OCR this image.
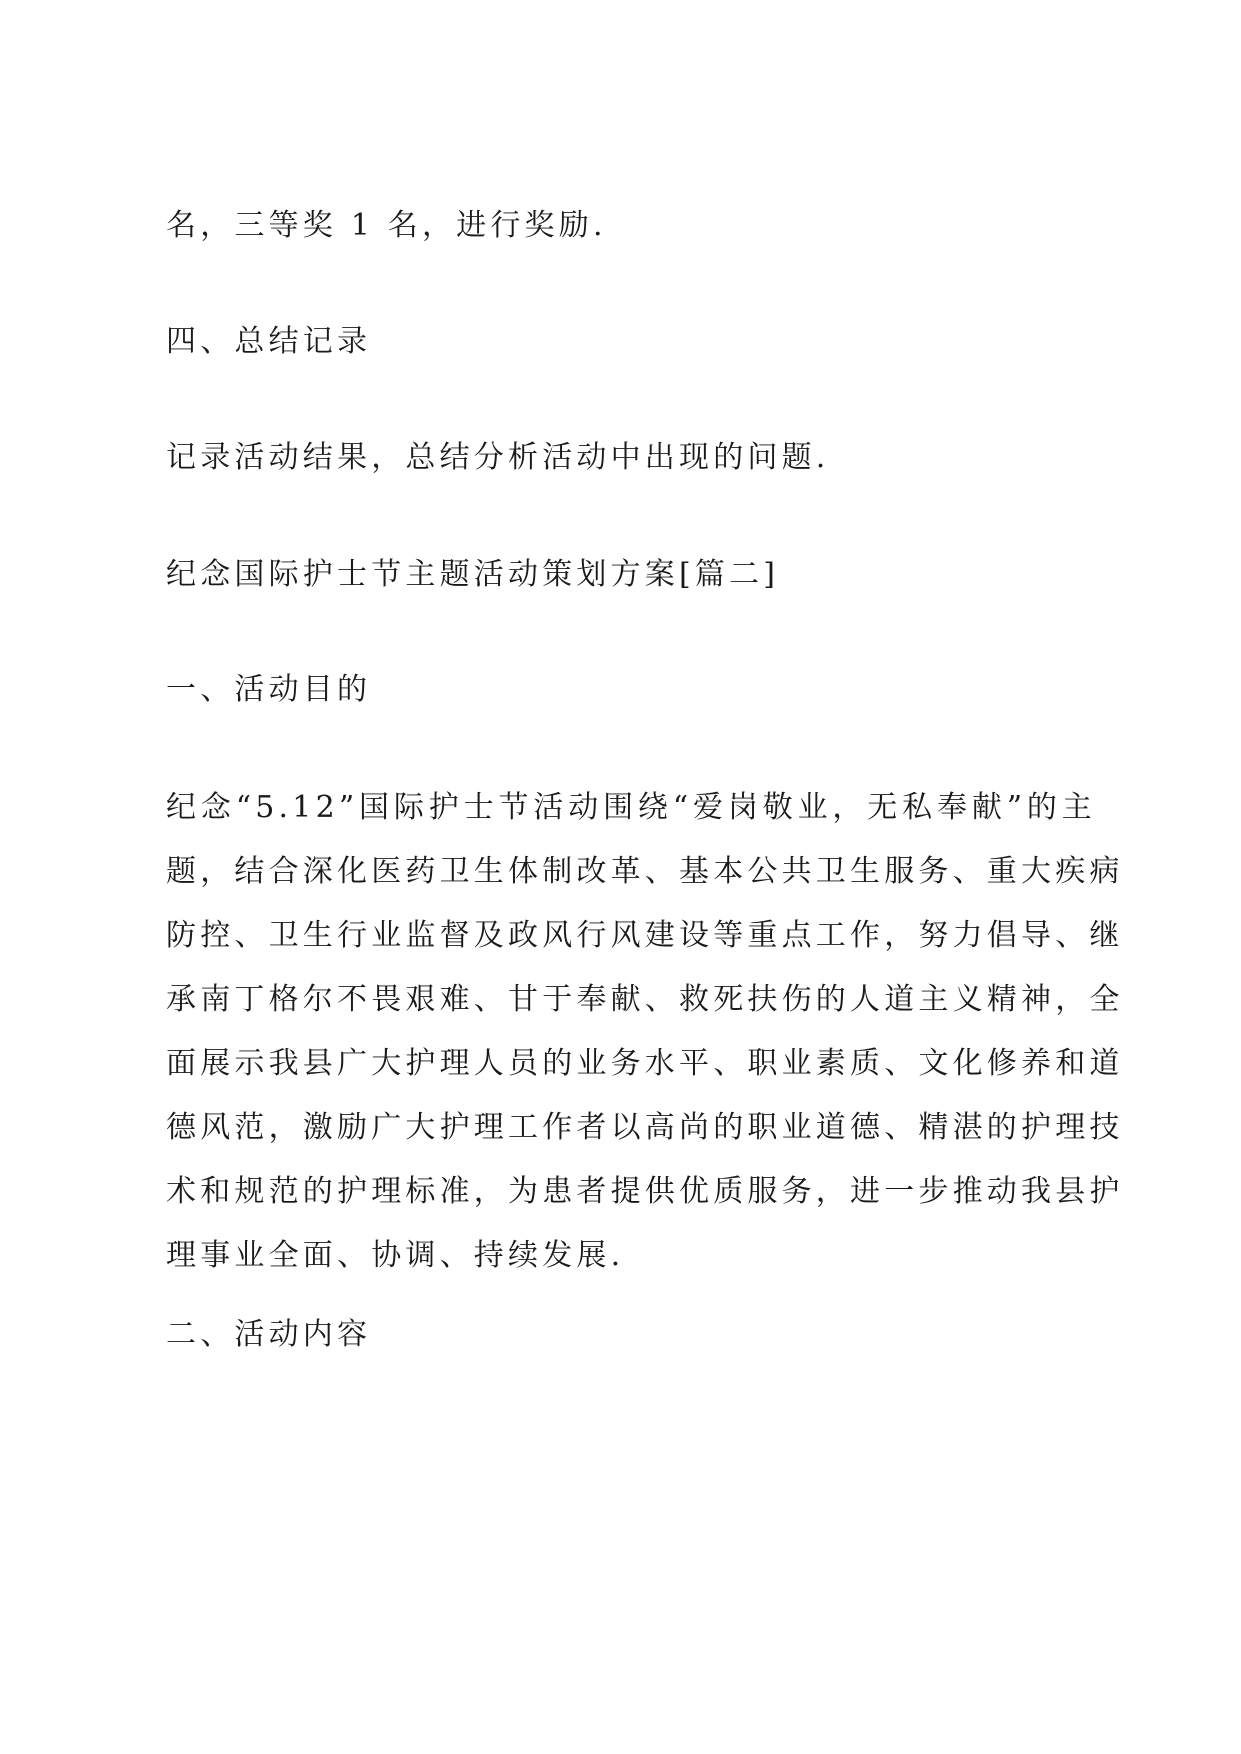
名，三等奖 1 名，进行奖励.

四、总结记录

记录活动结果，总结分析活动中出现的问题.

纪念国际护士节主题活动策划方案[篇二]

一、活动目的

纪念“5.12”国际护士节活动围绕“爱岗敬业，无私奉献”的主
题，结合深化医药卫生体制改革、基本公共卫生服务、重大疾病
防控、卫生行业监督及政风行风建设等重点工作，努力倡导、继
承南丁格尔不畏艰难、甘于奉献、救死扶伤的人道主义精神，全
面展示我县广大护理人员的业务水平、职业素质、文化修养和道
德风范，激励广大护理工作者以高尚的职业道德、精湛的护理技
术和规范的护理标准，为患者提供优质服务，进一步推动我县护
理事业全面、协调、持续发展.

二、活动内容
